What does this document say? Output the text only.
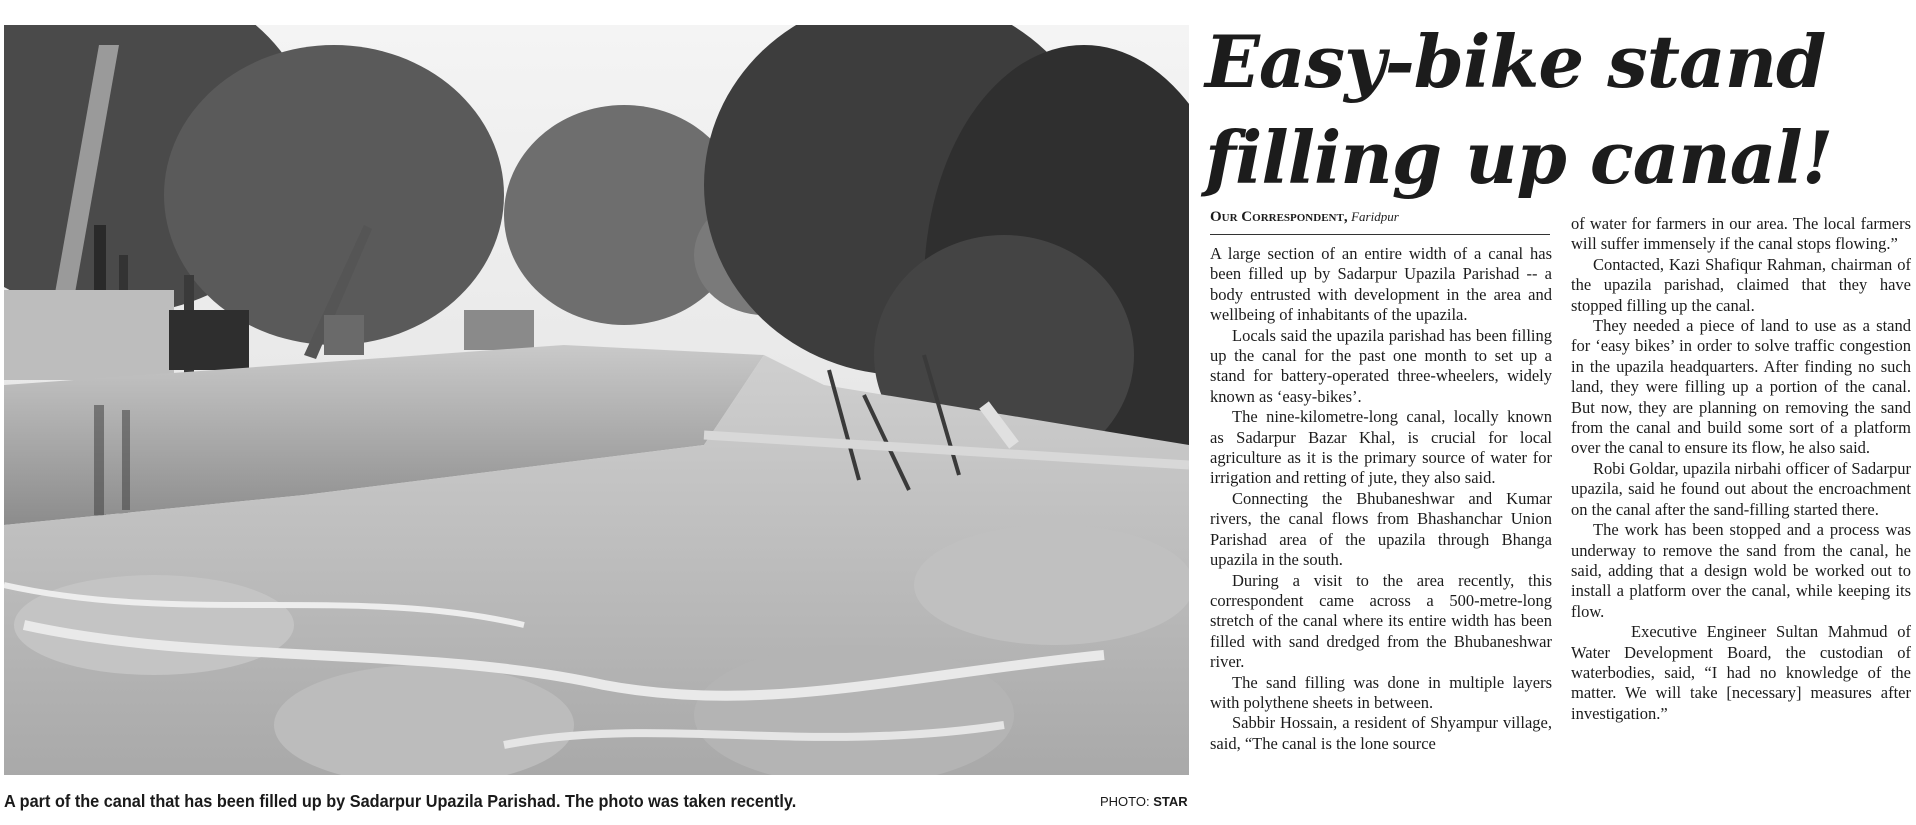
A part of the canal that has been filled up by Sadarpur Upazila Parishad. The photo was taken recently.	PHOTO: STAR
Easy-bike stand
filling up canal!
Our Correspondent, Faridpur

A large section of an entire width of a canal has been filled up by Sadarpur Upazila Parishad -- a body entrusted with development in the area and wellbeing of inhabitants of the upazila.

Locals said the upazila parishad has been filling up the canal for the past one month to set up a stand for battery-operated three-wheelers, widely known as ‘easy-bikes’.

The nine-kilometre-long canal, locally known as Sadarpur Bazar Khal, is crucial for local agriculture as it is the primary source of water for irrigation and retting of jute, they also said.

Connecting the Bhubaneshwar and Kumar rivers, the canal flows from Bhashanchar Union Parishad area of the upazila through Bhanga upazila in the south.

During a visit to the area recently, this correspondent came across a 500-metre-long stretch of the canal where its entire width has been filled with sand dredged from the Bhubaneshwar river.

The sand filling was done in multiple layers with polythene sheets in between.

Sabbir Hossain, a resident of Shyampur village, said, “The canal is the lone source

of water for farmers in our area. The local farmers will suffer immensely if the canal stops flowing.”

Contacted, Kazi Shafiqur Rahman, chairman of the upazila parishad, claimed that they have stopped filling up the canal.

They needed a piece of land to use as a stand for ‘easy bikes’ in order to solve traffic congestion in the upazila headquarters. After finding no such land, they were filling up a portion of the canal. But now, they are planning on removing the sand from the canal and build some sort of a platform over the canal to ensure its flow, he also said.

Robi Goldar, upazila nirbahi officer of Sadarpur upazila, said he found out about the encroachment on the canal after the sand-filling started there.

The work has been stopped and a process was underway to remove the sand from the canal, he said, adding that a design wold be worked out to install a platform over the canal, while keeping its flow.

Executive Engineer Sultan Mahmud of Water Development Board, the custodian of waterbodies, said, “I had no knowledge of the matter. We will take [necessary] measures after investigation.”
